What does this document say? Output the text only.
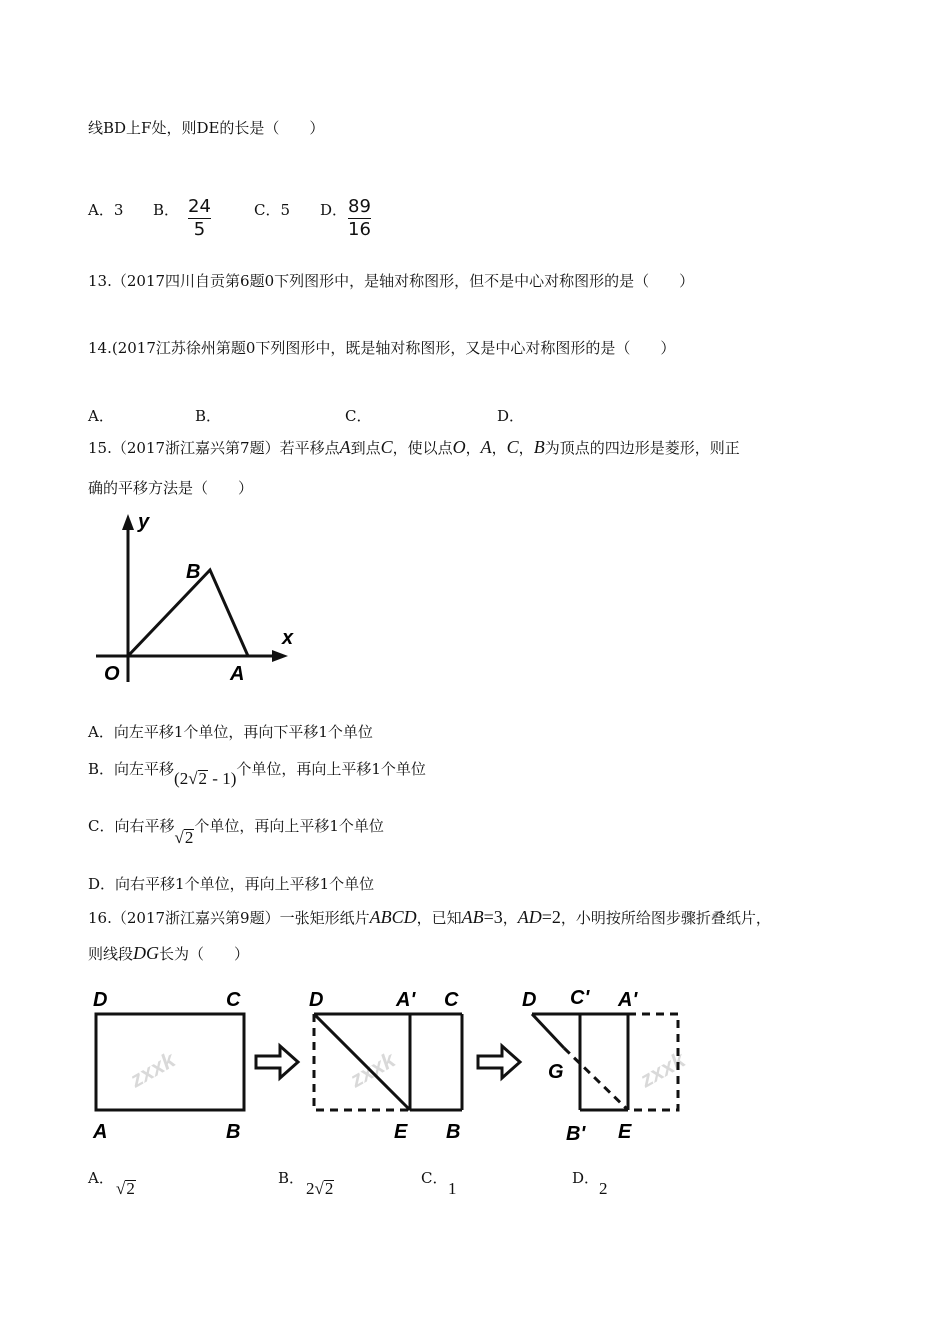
线BD上F处，则DE的长是（　　）
A．3 B． 24
5
C．5 D． 89
16
13.（2017四川自贡第6题0下列图形中，是轴对称图形，但不是中心对称图形的是（　　）
14.(2017江苏徐州第题0下列图形中，既是轴对称图形，又是中心对称图形的是（　　）
A．	B．	C．	D．
15.（2017浙江嘉兴第7题）若平移点A到点C，使以点O，A，C，B为顶点的四边形是菱形，则正
确的平移方法是（　　）
y
x
O	A
B
A．向左平移1个单位，再向下平移1个单位
B．向左平移(2√2 - 1)个单位，再向上平移1个单位
C．向右平移√2个单位，再向上平移1个单位
D．向右平移1个单位，再向上平移1个单位
16.（2017浙江嘉兴第9题）一张矩形纸片ABCD，已知AB=3，AD=2，小明按所给图步骤折叠纸片，
则线段DG长为（　　）
zxxk	zxxk	zxxk
D	C
A	B
D	A' C
E B
D C' A'
G
B' E
A．
√2
B．
2√2
C．
1
D．
2
